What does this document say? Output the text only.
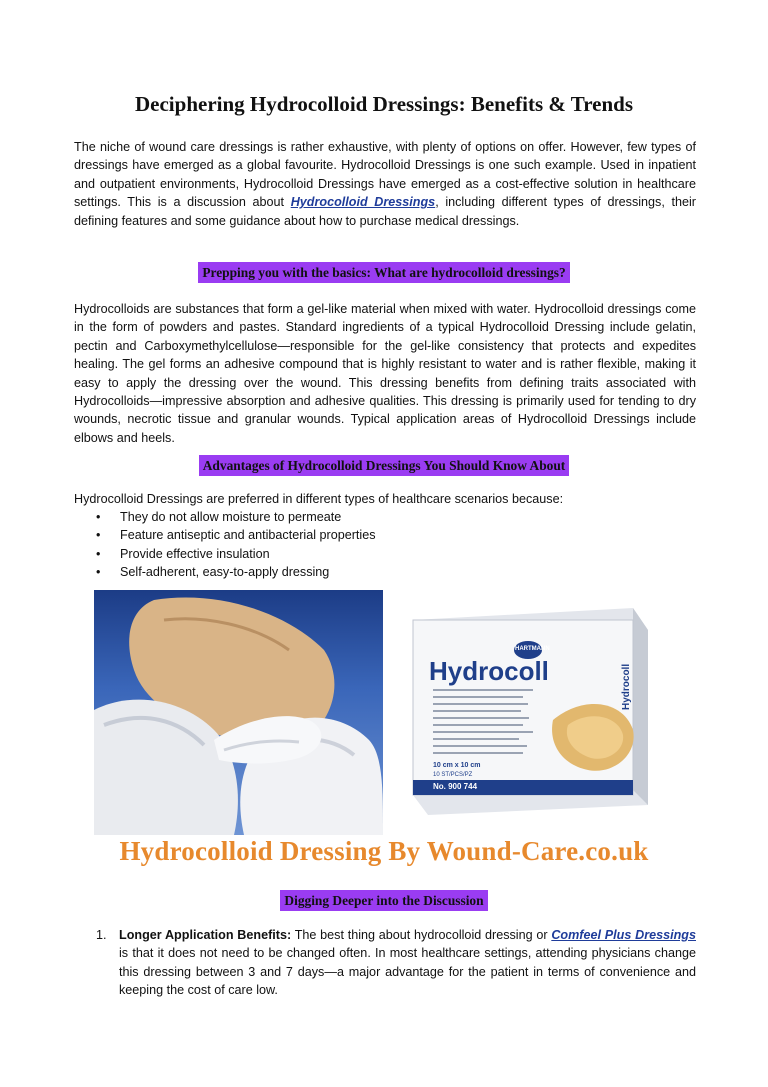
Deciphering Hydrocolloid Dressings: Benefits & Trends

The niche of wound care dressings is rather exhaustive, with plenty of options on offer. However, few types of dressings have emerged as a global favourite. Hydrocolloid Dressings is one such example. Used in inpatient and outpatient environments, Hydrocolloid Dressings have emerged as a cost-effective solution in healthcare settings. This is a discussion about Hydrocolloid Dressings, including different types of dressings, their defining features and some guidance about how to purchase medical dressings.

Prepping you with the basics: What are hydrocolloid dressings?

Hydrocolloids are substances that form a gel-like material when mixed with water. Hydrocolloid dressings come in the form of powders and pastes. Standard ingredients of a typical Hydrocolloid Dressing include gelatin, pectin and Carboxymethylcellulose—responsible for the gel-like consistency that protects and expedites healing. The gel forms an adhesive compound that is highly resistant to water and is rather flexible, making it easy to apply the dressing over the wound. This dressing benefits from defining traits associated with Hydrocolloids—impressive absorption and adhesive qualities. This dressing is primarily used for tending to dry wounds, necrotic tissue and granular wounds. Typical application areas of Hydrocolloid Dressings include elbows and heels.

Advantages of Hydrocolloid Dressings You Should Know About

Hydrocolloid Dressings are preferred in different types of healthcare scenarios because:

• They do not allow moisture to permeate
• Feature antiseptic and antibacterial properties
• Provide effective insulation
• Self-adherent, easy-to-apply dressing
HARTMANN
Hydrocoll	Hydrocoll
10 cm x 10 cm
10 ST/PCS/PZ
No. 900 744
Hydrocolloid Dressing By Wound-Care.co.uk
Digging Deeper into the Discussion
1. Longer Application Benefits: The best thing about hydrocolloid dressing or Comfeel Plus Dressings is that it does not need to be changed often. In most healthcare settings, attending physicians change this dressing between 3 and 7 days—a major advantage for the patient in terms of convenience and keeping the cost of care low.
